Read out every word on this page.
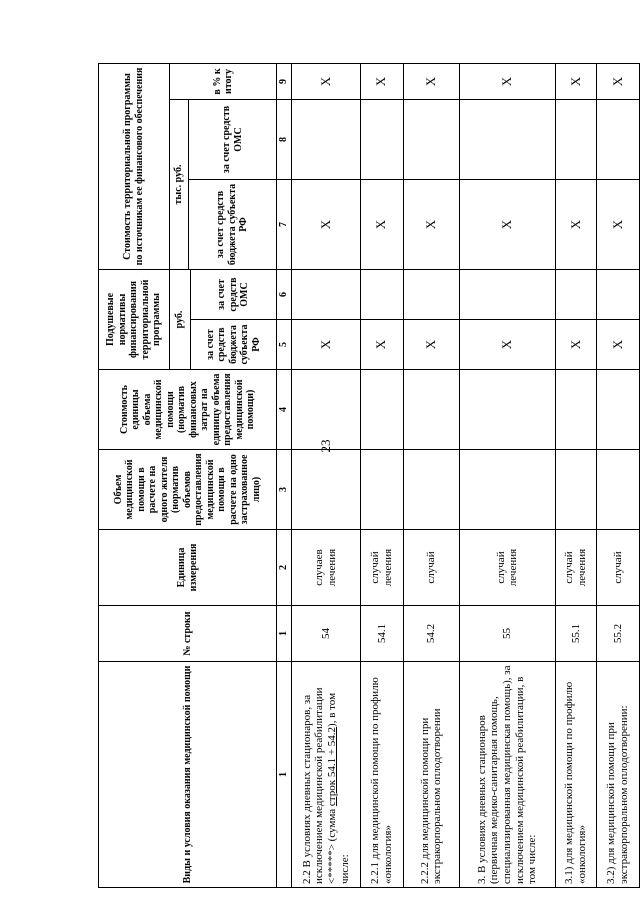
23
Виды и условия оказания медицинской помощи	№ строки	Единица измерения	Объем медицинской помощи в расчете на одного жителя (норматив объемов предоставления медицинской помощи в расчете на одно застрахованное лицо)	Стоимость единицы объема медицинской помощи (норматив финансовых затрат на единицу объема предоставления медицинской помощи)	Подушевые нормативы финансирования территориальной программы		Стоимость территориальной программы по источникам ее финансового обеспечения		
					руб.		тыс. руб.		в % к итогу
							за счет средств бюджета субъекта РФ	за счет средств ОМС	
					за счет средств бюджета субъекта РФ	за счет средств ОМС			
1	1	2	3	4	5	6	7	8	9
2.2 В условиях дневных стационаров, за исключением медицинской реабилитации <*****> (сумма строк 54.1 + 54.2), в том числе:	54	случаев лечения			X		X		X
2.2.1 для медицинской помощи по профилю «онкология»	54.1	случай лечения			X		X		X
2.2.2 для медицинской помощи при экстракорпоральном оплодотворении	54.2	случай			X		X		X
3. В условиях дневных стационаров (первичная медико-санитарная помощь, специализированная медицинская помощь), за исключением медицинской реабилитации, в том числе:	55	случай лечения			X		X		X
3.1) для медицинской помощи по профилю «онкология»	55.1	случай лечения			X		X		X
3.2) для медицинской помощи при экстракорпоральном оплодотворении:	55.2	случай			X		X		X
